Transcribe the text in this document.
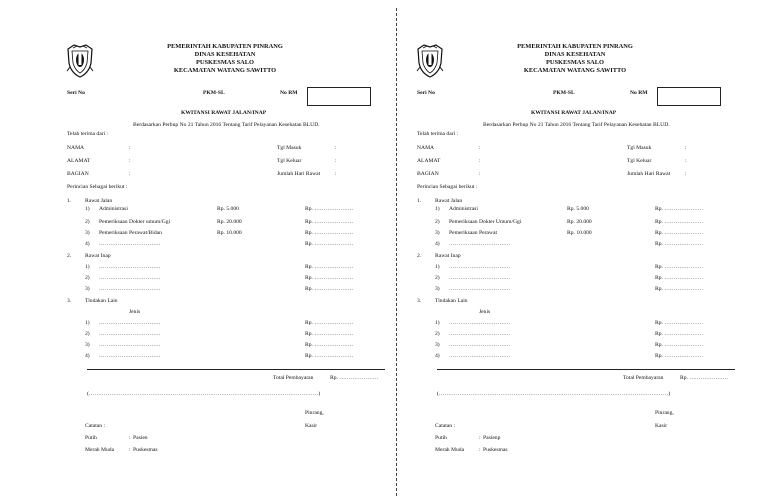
PEMERINTAH KABUPATEN PINRANG
DINAS KESEHATAN
PUSKESMAS SALO
KECAMATAN WATANG SAWITTO
Seri No	PKM-SL	No RM
KWITANSI RAWAT JALAN/INAP
Berdasarkan Perbup No 21 Tahun 2016 Tentang Tarif Pelayanan Kesehatan BLUD.
Telah terima dari :
NAMA	:	Tgl Masuk	:
ALAMAT	:	Tgl Keluar	:
BAGIAN	:	Jumlah Hari Rawat	:
Perincian Sebagai berikut :
1. Rawat Jalan
1) Administrasi	Rp. 5.000	Rp. …………………
2) Pemeriksaan Dokter umum/Ggi	Rp. 20.000	Rp. …………………
3) Pemeriksaan Perawat/Bidan	Rp. 10.000	Rp. …………………
4) ……………………………	Rp. …………………
2. Rawat Inap
1) ……………………………	Rp. …………………
2) ……………………………	Rp. …………………
3) ……………………………	Rp. …………………
3. Tindakan Lain
Jenis
1) ……………………………	Rp. …………………
2) ……………………………	Rp. …………………
3) ……………………………	Rp. …………………
4) ……………………………	Rp. …………………
Total Pembayaran	Rp. …………………
(……………………………………………………………………………………………………………)
Pinrang,
Catatan :	Kasir
Putih	: Pasien
Merah Muda	: Puskesmas
PEMERINTAH KABUPATEN PINRANG
DINAS KESEHATAN
PUSKESMAS SALO
KECAMATAN WATANG SAWITTO
Seri No	PKM-SL	No RM
KWITANSI RAWAT JALAN/INAP
Berdasarkan Perbup No 21 Tahun 2016 Tentang Tarif Pelayanan Kesehatan BLUD.
Telah terima dari :
NAMA	:	Tgl Masuk	:
ALAMAT	:	Tgl Keluar	:
BAGIAN	:	Jumlah Hari Rawat	:
Perincian Sebagai berikut :
1. Rawat Jalan
1) Administrasi	Rp. 5.000	Rp. …………………
2) Pemeriksaan Dokter Umum/Ggi	Rp. 20.000	Rp. …………………
3) Pemeriksaan Perawat	Rp. 10.000	Rp. …………………
4) ……………………………	Rp. …………………
2. Rawat Inap
1) ……………………………	Rp. …………………
2) ……………………………	Rp. …………………
3) ……………………………	Rp. …………………
3. Tindakan Lain
Jenis
1) ……………………………	Rp. …………………
2) ……………………………	Rp. …………………
3) ……………………………	Rp. …………………
4) ……………………………	Rp. …………………
Total Pembayaran	Rp. …………………
(……………………………………………………………………………………………………………)
Pinrang,
Catatan :	Kasir
Putih	: Pasienp
Merah Muda	: Puskesmas
